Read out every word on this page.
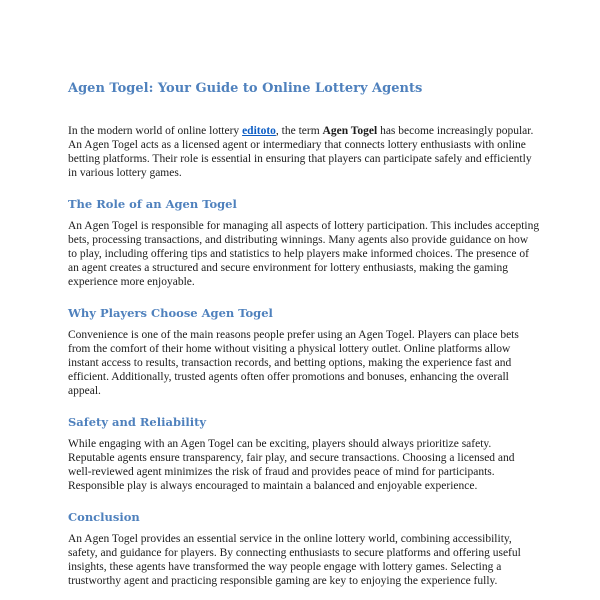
Agen Togel: Your Guide to Online Lottery Agents

In the modern world of online lottery editoto, the term Agen Togel has become increasingly popular. An Agen Togel acts as a licensed agent or intermediary that connects lottery enthusiasts with online betting platforms. Their role is essential in ensuring that players can participate safely and efficiently in various lottery games.

The Role of an Agen Togel

An Agen Togel is responsible for managing all aspects of lottery participation. This includes accepting bets, processing transactions, and distributing winnings. Many agents also provide guidance on how to play, including offering tips and statistics to help players make informed choices. The presence of an agent creates a structured and secure environment for lottery enthusiasts, making the gaming experience more enjoyable.

Why Players Choose Agen Togel

Convenience is one of the main reasons people prefer using an Agen Togel. Players can place bets from the comfort of their home without visiting a physical lottery outlet. Online platforms allow instant access to results, transaction records, and betting options, making the experience fast and efficient. Additionally, trusted agents often offer promotions and bonuses, enhancing the overall appeal.

Safety and Reliability

While engaging with an Agen Togel can be exciting, players should always prioritize safety. Reputable agents ensure transparency, fair play, and secure transactions. Choosing a licensed and well-reviewed agent minimizes the risk of fraud and provides peace of mind for participants. Responsible play is always encouraged to maintain a balanced and enjoyable experience.

Conclusion

An Agen Togel provides an essential service in the online lottery world, combining accessibility, safety, and guidance for players. By connecting enthusiasts to secure platforms and offering useful insights, these agents have transformed the way people engage with lottery games. Selecting a trustworthy agent and practicing responsible gaming are key to enjoying the experience fully.
